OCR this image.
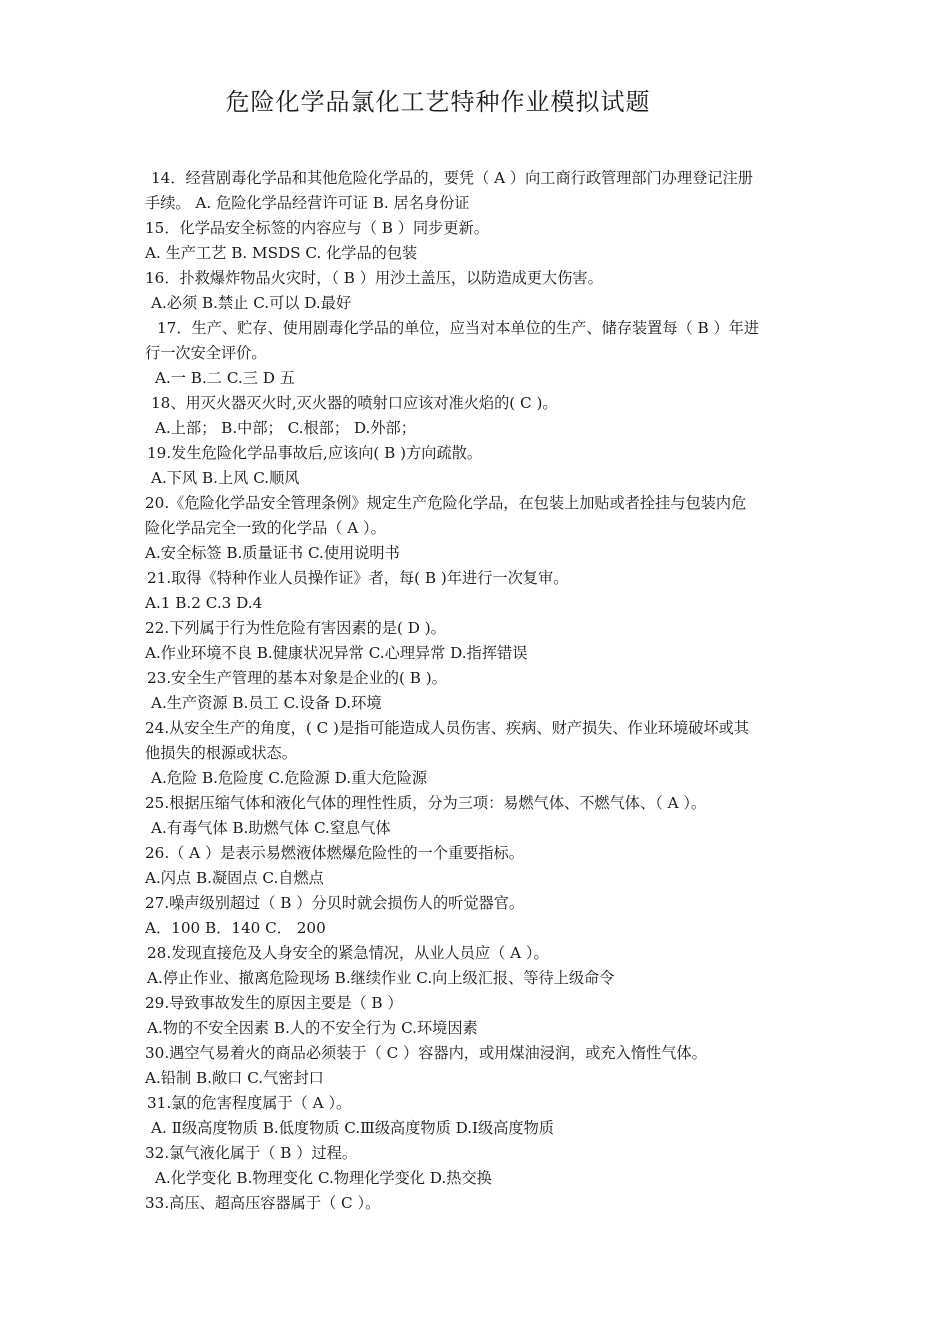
危险化学品氯化工艺特种作业模拟试题
14．经营剧毒化学品和其他危险化学品的，要凭（ A ）向工商行政管理部门办理登记注册
手续。 A. 危险化学品经营许可证 B. 居名身份证
15．化学品安全标签的内容应与（ B ）同步更新。
A. 生产工艺 B. MSDS C. 化学品的包装
16．扑救爆炸物品火灾时，（ B ）用沙土盖压，以防造成更大伤害。
A.必须 B.禁止 C.可以 D.最好
17．生产、贮存、使用剧毒化学品的单位，应当对本单位的生产、储存装置每（ B ）年进
行一次安全评价。
A.一 B.二 C.三 D 五
18、用灭火器灭火时,灭火器的喷射口应该对准火焰的( C )。
A.上部； B.中部； C.根部； D.外部；
19.发生危险化学品事故后,应该向( B )方向疏散。
A.下风 B.上风 C.顺风
20.《危险化学品安全管理条例》规定生产危险化学品，在包装上加贴或者拴挂与包装内危
险化学品完全一致的化学品（ A ）。
A.安全标签 B.质量证书 C.使用说明书
21.取得《特种作业人员操作证》者，每( B )年进行一次复审。
A.1 B.2 C.3 D.4
22.下列属于行为性危险有害因素的是( D )。
A.作业环境不良 B.健康状况异常 C.心理异常 D.指挥错误
23.安全生产管理的基本对象是企业的( B )。
A.生产资源 B.员工 C.设备 D.环境
24.从安全生产的角度，( C )是指可能造成人员伤害、疾病、财产损失、作业环境破坏或其
他损失的根源或状态。
A.危险 B.危险度 C.危险源 D.重大危险源
25.根据压缩气体和液化气体的理性性质，分为三项：易燃气体、不燃气体、（ A ）。
A.有毒气体 B.助燃气体 C.窒息气体
26.（ A ）是表示易燃液体燃爆危险性的一个重要指标。
A.闪点 B.凝固点 C.自燃点
27.噪声级别超过（ B ）分贝时就会损伤人的听觉器官。
A．100 B．140 C． 200
28.发现直接危及人身安全的紧急情况，从业人员应（ A ）。
A.停止作业、撤离危险现场 B.继续作业 C.向上级汇报、等待上级命令
29.导致事故发生的原因主要是（ B ）
A.物的不安全因素 B.人的不安全行为 C.环境因素
30.遇空气易着火的商品必须装于（ C ）容器内，或用煤油浸润，或充入惰性气体。
A.铅制 B.敞口 C.气密封口
31.氯的危害程度属于（ A ）。
A. Ⅱ级高度物质 B.低度物质 C.Ⅲ级高度物质 D.Ⅰ级高度物质
32.氯气液化属于（ B ）过程。
A.化学变化 B.物理变化 C.物理化学变化 D.热交换
33.高压、超高压容器属于（ C ）。
